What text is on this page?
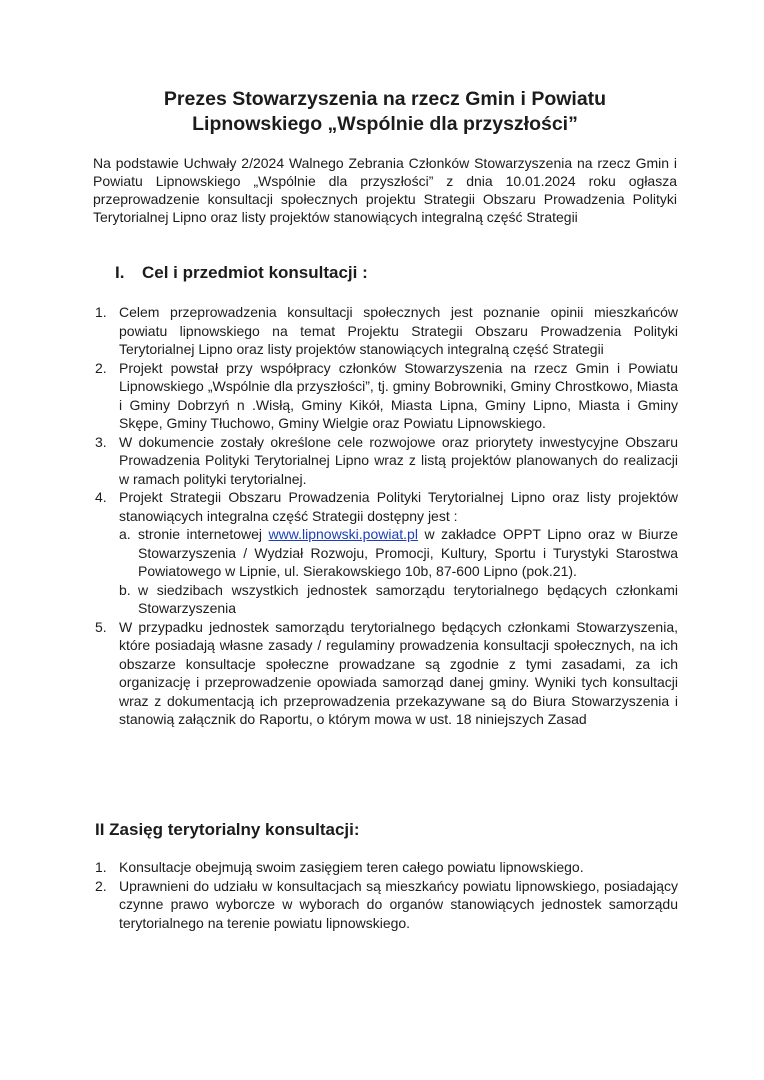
Prezes Stowarzyszenia na rzecz Gmin i Powiatu
Lipnowskiego „Wspólnie dla przyszłości”
Na podstawie Uchwały 2/2024 Walnego Zebrania Członków Stowarzyszenia na rzecz Gmin i Powiatu Lipnowskiego „Wspólnie dla przyszłości” z dnia 10.01.2024 roku ogłasza przeprowadzenie konsultacji społecznych projektu Strategii Obszaru Prowadzenia Polityki Terytorialnej Lipno oraz listy projektów stanowiących integralną część Strategii
I. Cel i przedmiot konsultacji :
1. Celem przeprowadzenia konsultacji społecznych jest poznanie opinii mieszkańców powiatu lipnowskiego na temat Projektu Strategii Obszaru Prowadzenia Polityki Terytorialnej Lipno oraz listy projektów stanowiących integralną część Strategii
2. Projekt powstał przy współpracy członków Stowarzyszenia na rzecz Gmin i Powiatu Lipnowskiego „Wspólnie dla przyszłości”, tj. gminy Bobrowniki, Gminy Chrostkowo, Miasta i Gminy Dobrzyń n .Wisłą, Gminy Kikół, Miasta Lipna, Gminy Lipno, Miasta i Gminy Skępe, Gminy Tłuchowo, Gminy Wielgie oraz Powiatu Lipnowskiego.
3. W dokumencie zostały określone cele rozwojowe oraz priorytety inwestycyjne Obszaru Prowadzenia Polityki Terytorialnej Lipno wraz z listą projektów planowanych do realizacji w ramach polityki terytorialnej.
4. Projekt Strategii Obszaru Prowadzenia Polityki Terytorialnej Lipno oraz listy projektów stanowiących integralna część Strategii dostępny jest :
a. stronie internetowej www.lipnowski.powiat.pl w zakładce OPPT Lipno oraz w Biurze Stowarzyszenia / Wydział Rozwoju, Promocji, Kultury, Sportu i Turystyki Starostwa Powiatowego w Lipnie, ul. Sierakowskiego 10b, 87-600 Lipno (pok.21).
b. w siedzibach wszystkich jednostek samorządu terytorialnego będących członkami Stowarzyszenia
5. W przypadku jednostek samorządu terytorialnego będących członkami Stowarzyszenia, które posiadają własne zasady / regulaminy prowadzenia konsultacji społecznych, na ich obszarze konsultacje społeczne prowadzane są zgodnie z tymi zasadami, za ich organizację i przeprowadzenie opowiada samorząd danej gminy. Wyniki tych konsultacji wraz z dokumentacją ich przeprowadzenia przekazywane są do Biura Stowarzyszenia i stanowią załącznik do Raportu, o którym mowa w ust. 18 niniejszych Zasad
II Zasięg terytorialny konsultacji:
1. Konsultacje obejmują swoim zasięgiem teren całego powiatu lipnowskiego.
2. Uprawnieni do udziału w konsultacjach są mieszkańcy powiatu lipnowskiego, posiadający czynne prawo wyborcze w wyborach do organów stanowiących jednostek samorządu terytorialnego na terenie powiatu lipnowskiego.
